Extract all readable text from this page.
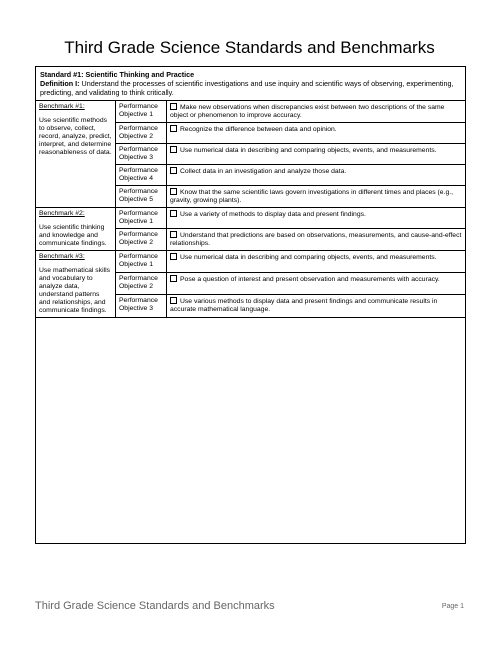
Third Grade Science Standards and Benchmarks
Standard #1: Scientific Thinking and Practice
Definition I: Understand the processes of scientific investigations and use inquiry and scientific ways of observing, experimenting, predicting, and validating to think critically.
Benchmark #1:
Use scientific methods to observe, collect, record, analyze, predict, interpret, and determine reasonableness of data.	Performance Objective 1	Make new observations when discrepancies exist between two descriptions of the same object or phenomenon to improve accuracy.
	Performance Objective 2	Recognize the difference between data and opinion.
	Performance Objective 3	Use numerical data in describing and comparing objects, events, and measurements.
	Performance Objective 4	Collect data in an investigation and analyze those data.
	Performance Objective 5	Know that the same scientific laws govern investigations in different times and places (e.g., gravity, growing plants).

Benchmark #2:
Use scientific thinking and knowledge and communicate findings.	Performance Objective 1	Use a variety of methods to display data and present findings.
	Performance Objective 2	Understand that predictions are based on observations, measurements, and cause-and-effect relationships.

Benchmark #3:
Use mathematical skills and vocabulary to analyze data, understand patterns and relationships, and communicate findings.	Performance Objective 1	Use numerical data in describing and comparing objects, events, and measurements.
	Performance Objective 2	Pose a question of interest and present observation and measurements with accuracy.
	Performance Objective 3	Use various methods to display data and present findings and communicate results in accurate mathematical language.
Third Grade Science Standards and Benchmarks	Page 1
